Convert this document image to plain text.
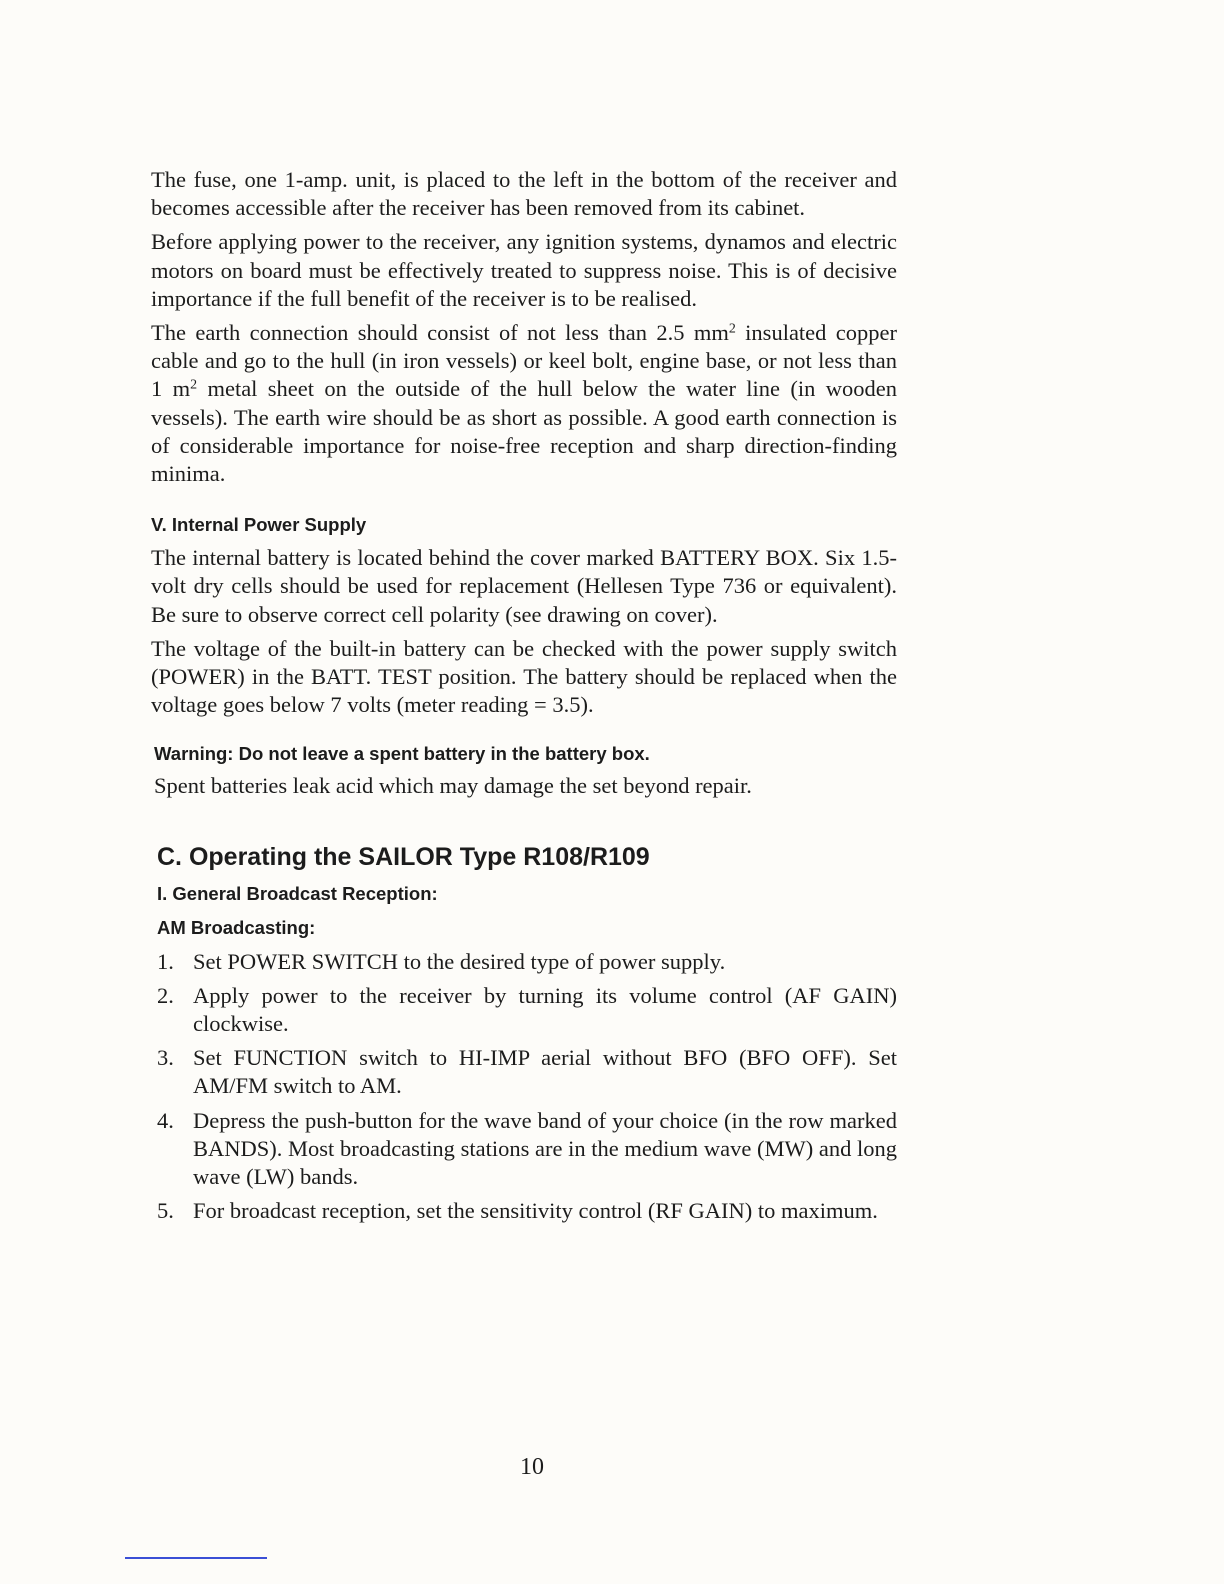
The fuse, one 1-amp. unit, is placed to the left in the bottom of the receiver and becomes accessible after the receiver has been removed from its cabinet.

Before applying power to the receiver, any ignition systems, dynamos and electric motors on board must be effectively treated to suppress noise. This is of decisive importance if the full benefit of the receiver is to be realised.

The earth connection should consist of not less than 2.5 $mm^2$ insulated copper cable and go to the hull (in iron vessels) or keel bolt, engine base, or not less than 1 $m^2$ metal sheet on the outside of the hull below the water line (in wooden vessels). The earth wire should be as short as possible. A good earth connection is of considerable importance for noise-free reception and sharp direction-finding minima.

V. Internal Power Supply

The internal battery is located behind the cover marked BATTERY BOX. Six 1.5-volt dry cells should be used for replacement (Hellesen Type 736 or equivalent). Be sure to observe correct cell polarity (see drawing on cover).

The voltage of the built-in battery can be checked with the power supply switch (POWER) in the BATT. TEST position. The battery should be replaced when the voltage goes below 7 volts (meter reading = 3.5).

Warning: Do not leave a spent battery in the battery box.

Spent batteries leak acid which may damage the set beyond repair.

C. Operating the SAILOR Type R108/R109
I. General Broadcast Reception:
AM Broadcasting:
1. Set POWER SWITCH to the desired type of power supply.
2. Apply power to the receiver by turning its volume control (AF GAIN) clockwise.
3. Set FUNCTION switch to HI-IMP aerial without BFO (BFO OFF). Set AM/FM switch to AM.
4. Depress the push-button for the wave band of your choice (in the row marked BANDS). Most broadcasting stations are in the medium wave (MW) and long wave (LW) bands.
5. For broadcast reception, set the sensitivity control (RF GAIN) to maximum.
10
